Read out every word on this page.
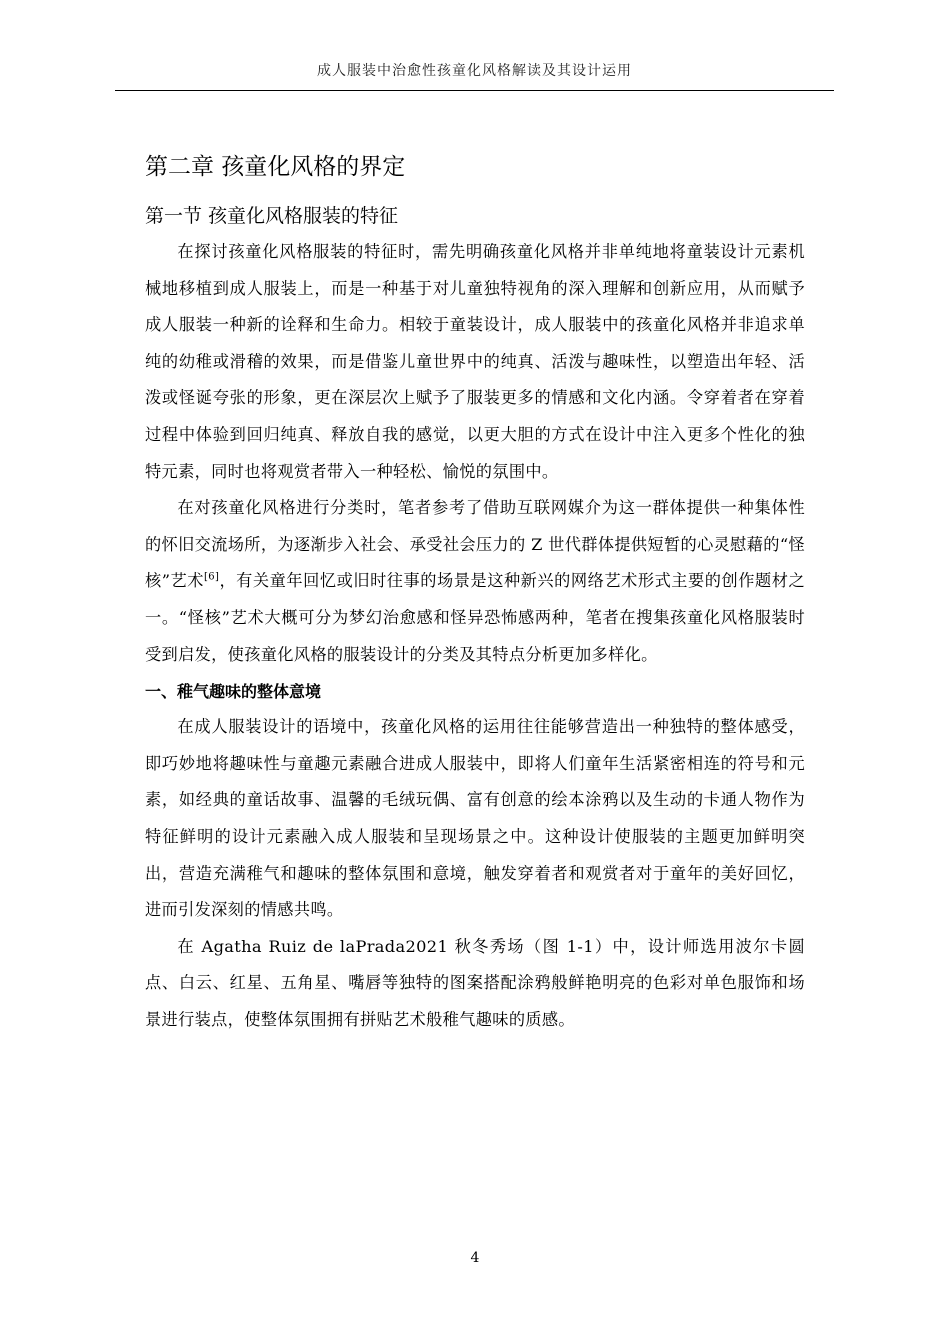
成人服装中治愈性孩童化风格解读及其设计运用
第二章 孩童化风格的界定
第一节 孩童化风格服装的特征

在探讨孩童化风格服装的特征时，需先明确孩童化风格并非单纯地将童装设计元素机械地移植到成人服装上，而是一种基于对儿童独特视角的深入理解和创新应用，从而赋予成人服装一种新的诠释和生命力。相较于童装设计，成人服装中的孩童化风格并非追求单纯的幼稚或滑稽的效果，而是借鉴儿童世界中的纯真、活泼与趣味性，以塑造出年轻、活泼或怪诞夸张的形象，更在深层次上赋予了服装更多的情感和文化内涵。令穿着者在穿着过程中体验到回归纯真、释放自我的感觉，以更大胆的方式在设计中注入更多个性化的独特元素，同时也将观赏者带入一种轻松、愉悦的氛围中。

在对孩童化风格进行分类时，笔者参考了借助互联网媒介为这一群体提供一种集体性的怀旧交流场所，为逐渐步入社会、承受社会压力的 Z 世代群体提供短暂的心灵慰藉的“怪核”艺术[6]，有关童年回忆或旧时往事的场景是这种新兴的网络艺术形式主要的创作题材之一。“怪核”艺术大概可分为梦幻治愈感和怪异恐怖感两种，笔者在搜集孩童化风格服装时受到启发，使孩童化风格的服装设计的分类及其特点分析更加多样化。

一、稚气趣味的整体意境

在成人服装设计的语境中，孩童化风格的运用往往能够营造出一种独特的整体感受，即巧妙地将趣味性与童趣元素融合进成人服装中，即将人们童年生活紧密相连的符号和元素，如经典的童话故事、温馨的毛绒玩偶、富有创意的绘本涂鸦以及生动的卡通人物作为特征鲜明的设计元素融入成人服装和呈现场景之中。这种设计使服装的主题更加鲜明突出，营造充满稚气和趣味的整体氛围和意境，触发穿着者和观赏者对于童年的美好回忆，进而引发深刻的情感共鸣。

在 Agatha Ruiz de laPrada2021 秋冬秀场（图 1-1）中，设计师选用波尔卡圆点、白云、红星、五角星、嘴唇等独特的图案搭配涂鸦般鲜艳明亮的色彩对单色服饰和场景进行装点，使整体氛围拥有拼贴艺术般稚气趣味的质感。

4
